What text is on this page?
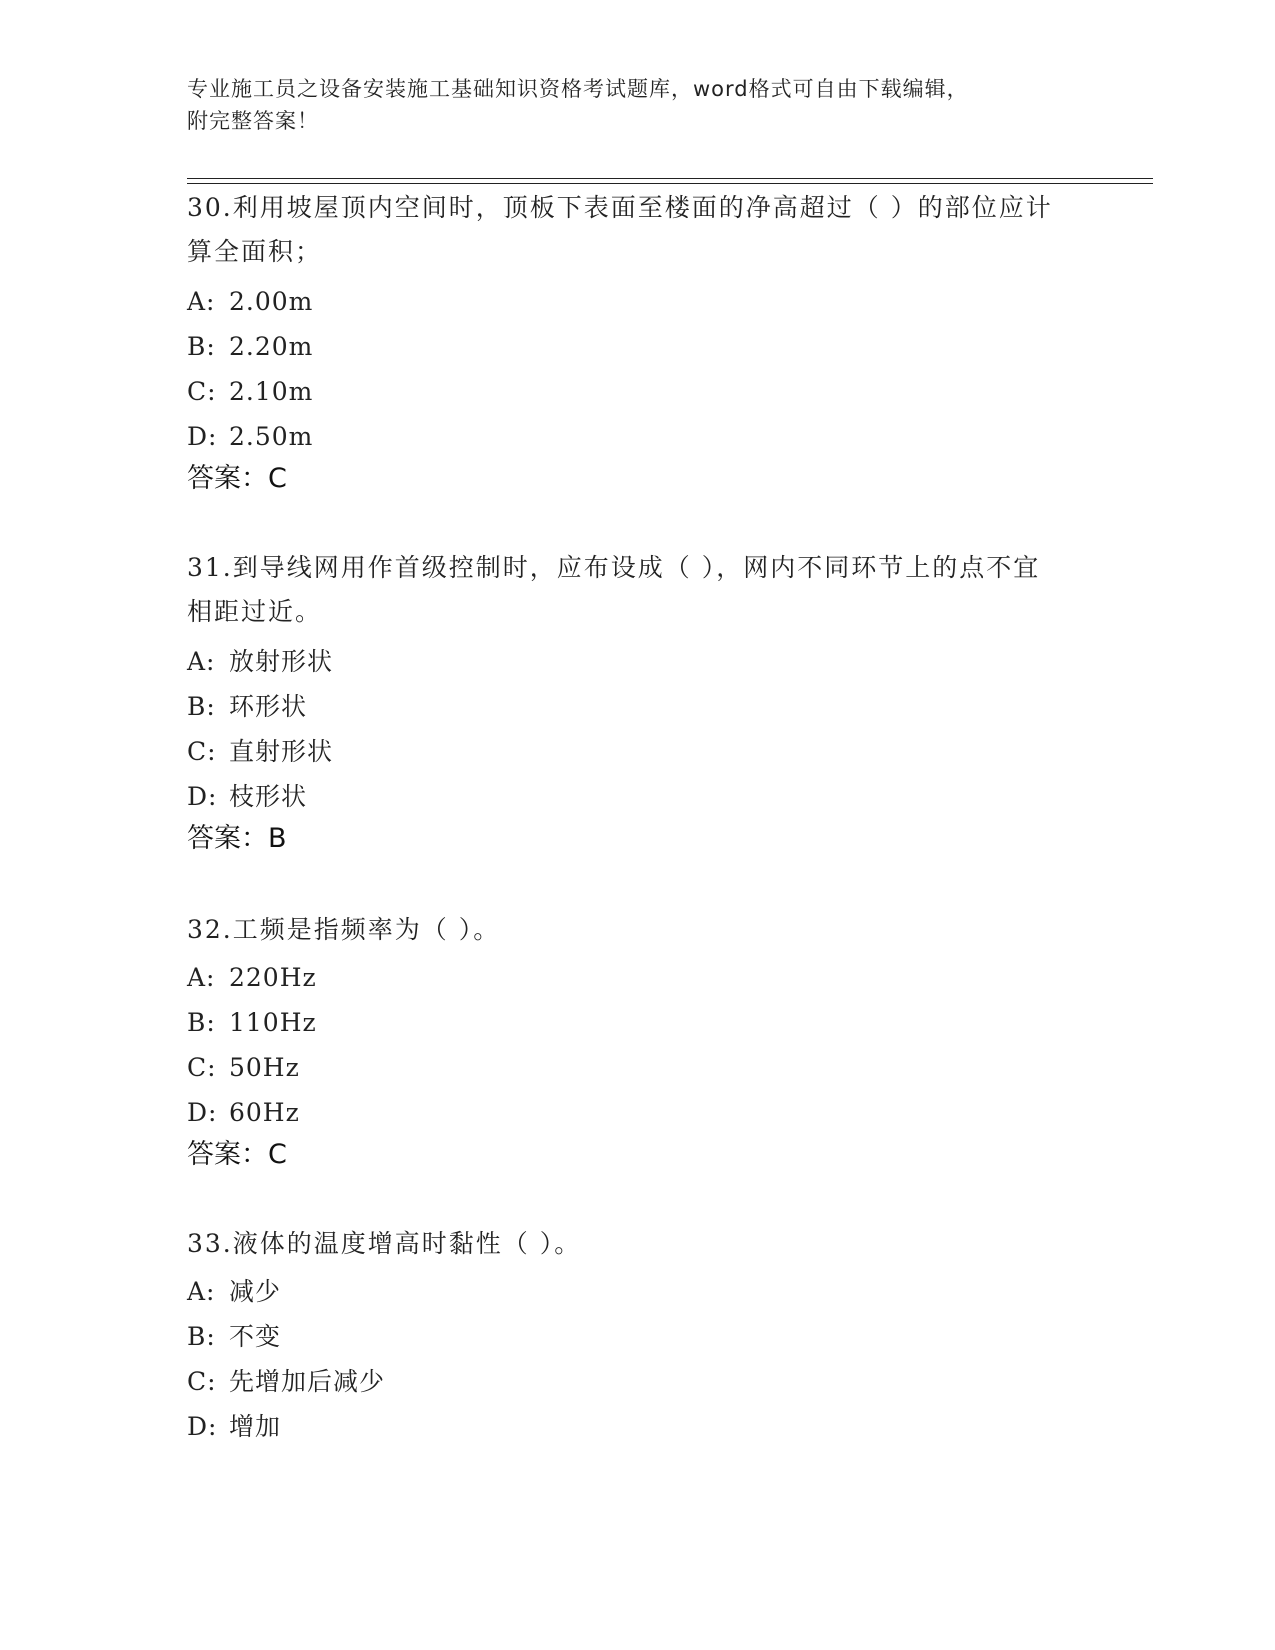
专业施工员之设备安装施工基础知识资格考试题库，word格式可自由下载编辑，
附完整答案！
30.利用坡屋顶内空间时，顶板下表面至楼面的净高超过（ ）的部位应计算全面积；
A: 2.00m
B: 2.20m
C: 2.10m
D: 2.50m
答案：C
31.到导线网用作首级控制时，应布设成（ ），网内不同环节上的点不宜相距过近。
A: 放射形状
B: 环形状
C: 直射形状
D: 枝形状
答案：B
32.工频是指频率为（ ）。
A: 220Hz
B: 110Hz
C: 50Hz
D: 60Hz
答案：C
33.液体的温度增高时黏性（ ）。
A: 减少
B: 不变
C: 先增加后减少
D: 增加
